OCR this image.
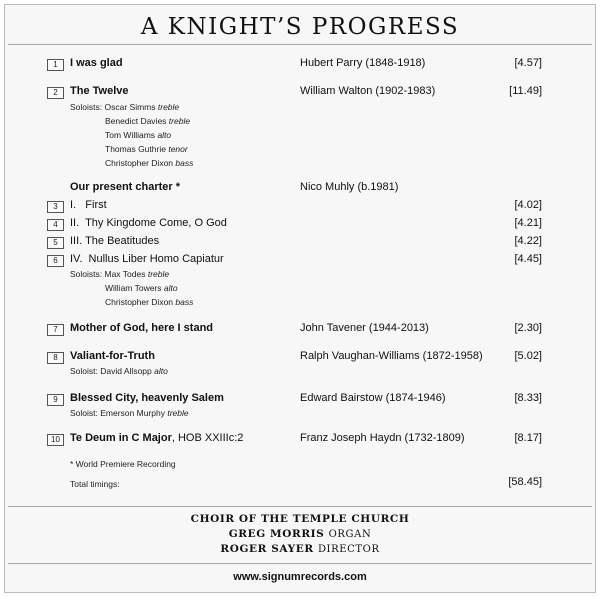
A KNIGHT’S PROGRESS
1	I was glad	Hubert Parry (1848-1918)	[4.57]
2	The Twelve	William Walton (1902-1983)	[11.49]
Soloists: Oscar Simms treble
Benedict Davies treble
Tom Williams alto
Thomas Guthrie tenor
Christopher Dixon bass
Our present charter *	Nico Muhly (b.1981)
3	I.   First	[4.02]
4	II.  Thy Kingdome Come, O God	[4.21]
5	III. The Beatitudes	[4.22]
6	IV.  Nullus Liber Homo Capiatur	[4.45]
Soloists: Max Todes treble
William Towers alto
Christopher Dixon bass
7	Mother of God, here I stand	John Tavener (1944-2013)	[2.30]
8	Valiant-for-Truth	Ralph Vaughan-Williams (1872-1958)	[5.02]
Soloist: David Allsopp alto
9	Blessed City, heavenly Salem	Edward Bairstow (1874-1946)	[8.33]
Soloist: Emerson Murphy treble
10 Te Deum in C Major, HOB XXIIIc:2	Franz Joseph Haydn (1732-1809)	[8.17]
* World Premiere Recording
Total timings:	[58.45]
CHOIR OF THE TEMPLE CHURCH
GREG MORRIS ORGAN
ROGER SAYER DIRECTOR
www.signumrecords.com
